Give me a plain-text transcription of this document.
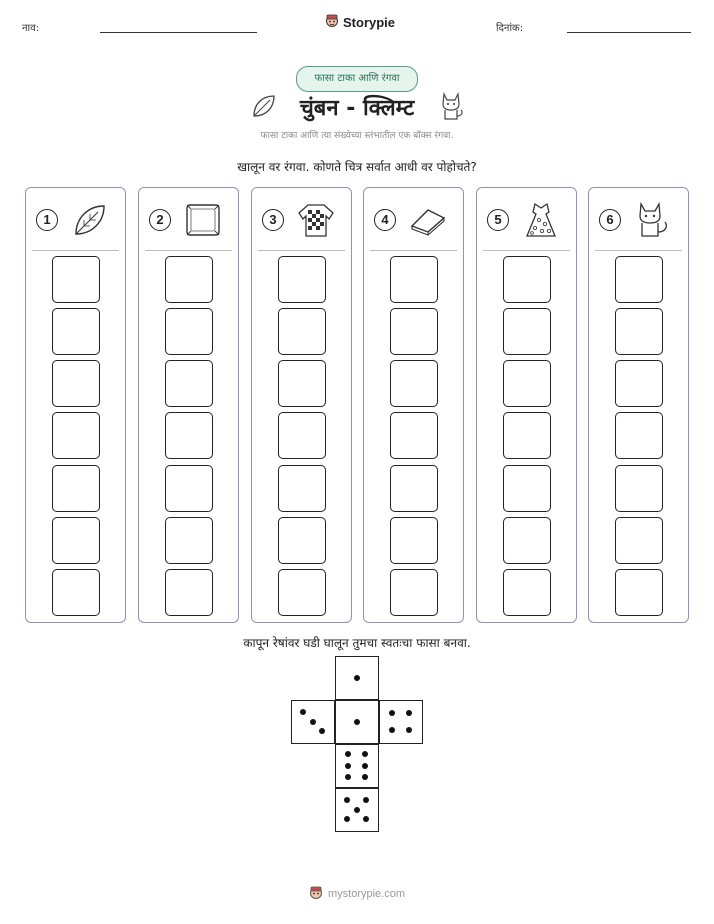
नाव:	Storypie	दिनांक:
फासा टाका आणि रंगवा
चुंबन - क्लिम्ट
फासा टाका आणि त्या संख्येच्या स्तंभातील एक बॉक्स रंगवा.
खालून वर रंगवा. कोणते चित्र सर्वात आधी वर पोहोचते?
1	2	3	4	5	6
कापून रेषांवर घडी घालून तुमचा स्वतःचा फासा बनवा.
mystorypie.com
